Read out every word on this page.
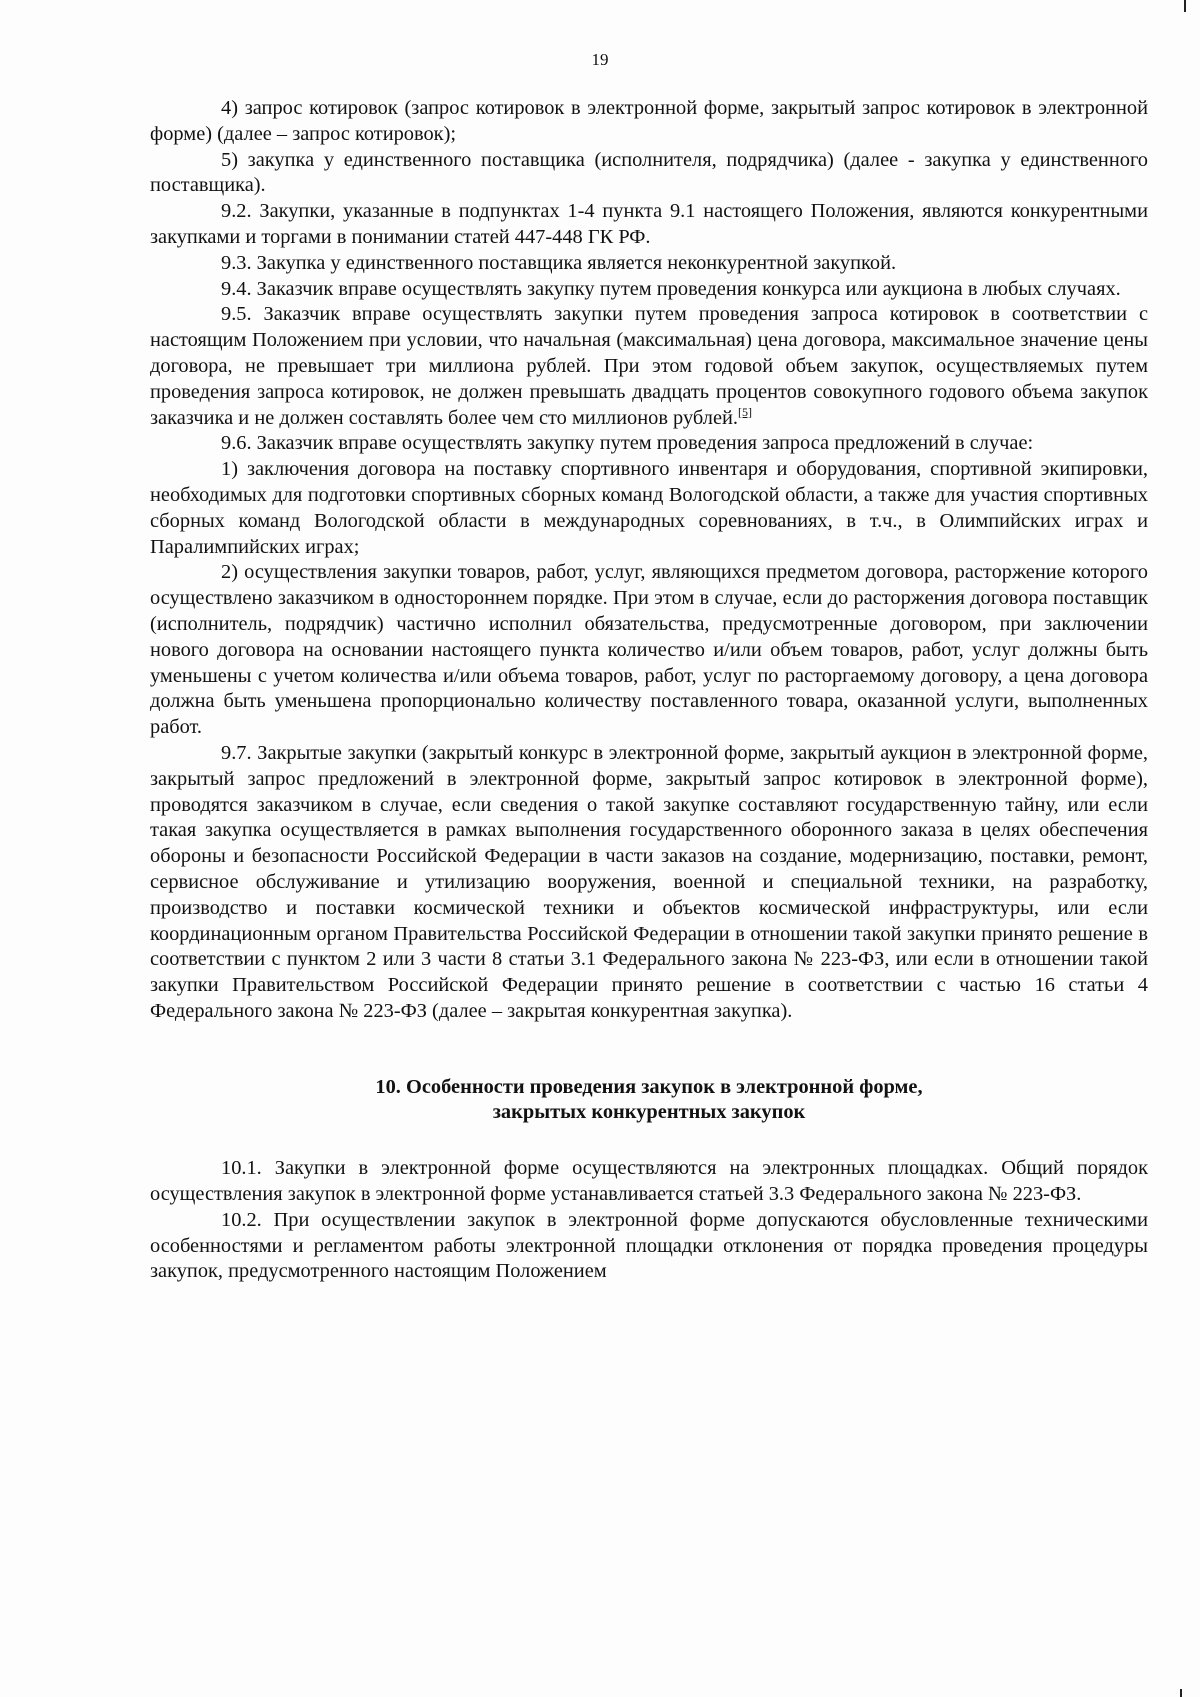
19

4) запрос котировок (запрос котировок в электронной форме, закрытый запрос котировок в электронной форме) (далее – запрос котировок);

5) закупка у единственного поставщика (исполнителя, подрядчика) (далее - закупка у единственного поставщика).

9.2. Закупки, указанные в подпунктах 1-4 пункта 9.1 настоящего Положения, являются конкурентными закупками и торгами в понимании статей 447-448 ГК РФ.

9.3. Закупка у единственного поставщика является неконкурентной закупкой.

9.4. Заказчик вправе осуществлять закупку путем проведения конкурса или аукциона в любых случаях.

9.5. Заказчик вправе осуществлять закупки путем проведения запроса котировок в соответствии с настоящим Положением при условии, что начальная (максимальная) цена договора, максимальное значение цены договора, не превышает три миллиона рублей. При этом годовой объем закупок, осуществляемых путем проведения запроса котировок, не должен превышать двадцать процентов совокупного годового объема закупок заказчика и не должен составлять более чем сто миллионов рублей.[5]

9.6. Заказчик вправе осуществлять закупку путем проведения запроса предложений в случае:

1) заключения договора на поставку спортивного инвентаря и оборудования, спортивной экипировки, необходимых для подготовки спортивных сборных команд Вологодской области, а также для участия спортивных сборных команд Вологодской области в международных соревнованиях, в т.ч., в Олимпийских играх и Паралимпийских играх;

2) осуществления закупки товаров, работ, услуг, являющихся предметом договора, расторжение которого осуществлено заказчиком в одностороннем порядке. При этом в случае, если до расторжения договора поставщик (исполнитель, подрядчик) частично исполнил обязательства, предусмотренные договором, при заключении нового договора на основании настоящего пункта количество и/или объем товаров, работ, услуг должны быть уменьшены с учетом количества и/или объема товаров, работ, услуг по расторгаемому договору, а цена договора должна быть уменьшена пропорционально количеству поставленного товара, оказанной услуги, выполненных работ.

9.7. Закрытые закупки (закрытый конкурс в электронной форме, закрытый аукцион в электронной форме, закрытый запрос предложений в электронной форме, закрытый запрос котировок в электронной форме), проводятся заказчиком в случае, если сведения о такой закупке составляют государственную тайну, или если такая закупка осуществляется в рамках выполнения государственного оборонного заказа в целях обеспечения обороны и безопасности Российской Федерации в части заказов на создание, модернизацию, поставки, ремонт, сервисное обслуживание и утилизацию вооружения, военной и специальной техники, на разработку, производство и поставки космической техники и объектов космической инфраструктуры, или если координационным органом Правительства Российской Федерации в отношении такой закупки принято решение в соответствии с пунктом 2 или 3 части 8 статьи 3.1 Федерального закона № 223-ФЗ, или если в отношении такой закупки Правительством Российской Федерации принято решение в соответствии с частью 16 статьи 4 Федерального закона № 223-ФЗ (далее – закрытая конкурентная закупка).

10. Особенности проведения закупок в электронной форме,
закрытых конкурентных закупок

10.1. Закупки в электронной форме осуществляются на электронных площадках. Общий порядок осуществления закупок в электронной форме устанавливается статьей 3.3 Федерального закона № 223-ФЗ.

10.2. При осуществлении закупок в электронной форме допускаются обусловленные техническими особенностями и регламентом работы электронной площадки отклонения от порядка проведения процедуры закупок, предусмотренного настоящим Положением
